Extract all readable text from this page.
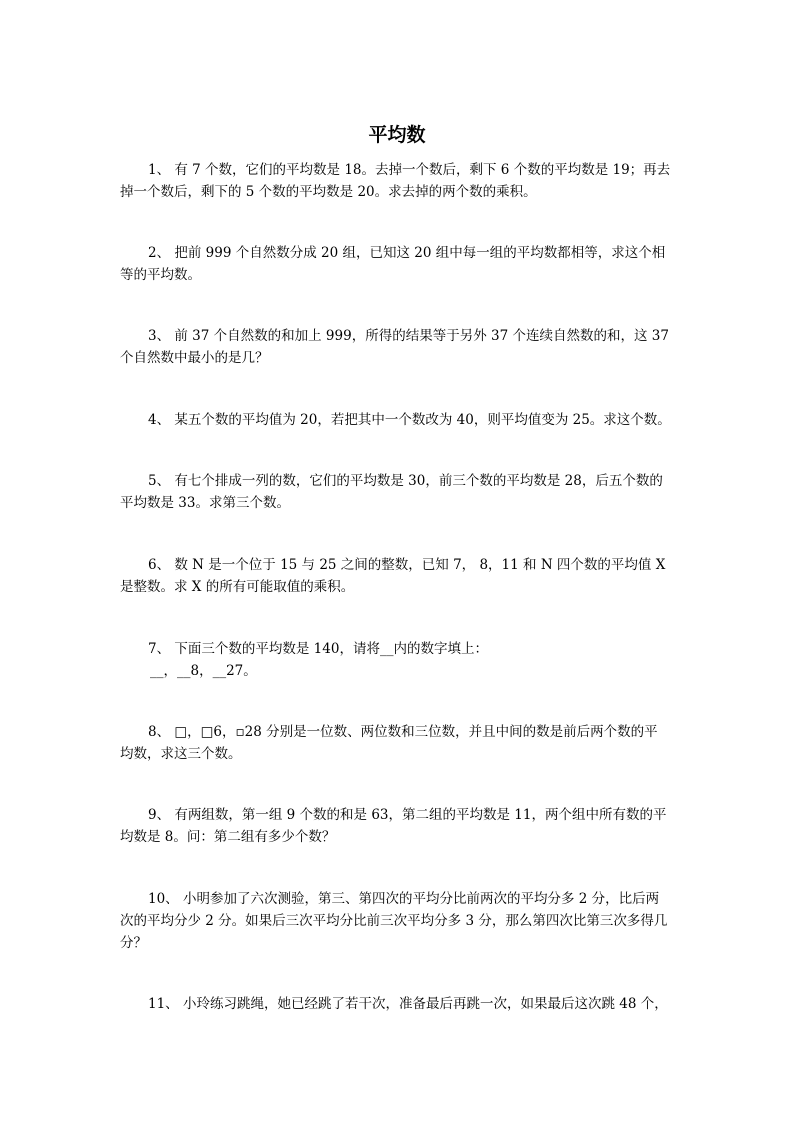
平均数
1、 有 7 个数，它们的平均数是 18。去掉一个数后，剩下 6 个数的平均数是 19；再去
掉一个数后，剩下的 5 个数的平均数是 20。求去掉的两个数的乘积。
2、 把前 999 个自然数分成 20 组，已知这 20 组中每一组的平均数都相等，求这个相
等的平均数。
3、 前 37 个自然数的和加上 999，所得的结果等于另外 37 个连续自然数的和，这 37
个自然数中最小的是几？
4、 某五个数的平均值为 20，若把其中一个数改为 40，则平均值变为 25。求这个数。
5、 有七个排成一列的数，它们的平均数是 30，前三个数的平均数是 28，后五个数的
平均数是 33。求第三个数。
6、 数 N 是一个位于 15 与 25 之间的整数，已知 7， 8，11 和 N 四个数的平均值 X
是整数。求 X 的所有可能取值的乘积。
7、 下面三个数的平均数是 140，请将__内的数字填上：
__，__8，__27。
8、 □，□6，▫28 分别是一位数、两位数和三位数，并且中间的数是前后两个数的平
均数，求这三个数。
9、 有两组数，第一组 9 个数的和是 63，第二组的平均数是 11，两个组中所有数的平
均数是 8。问：第二组有多少个数？
10、 小明参加了六次测验，第三、第四次的平均分比前两次的平均分多 2 分，比后两
次的平均分少 2 分。如果后三次平均分比前三次平均分多 3 分，那么第四次比第三次多得几
分？
11、 小玲练习跳绳，她已经跳了若干次，准备最后再跳一次，如果最后这次跳 48 个，
